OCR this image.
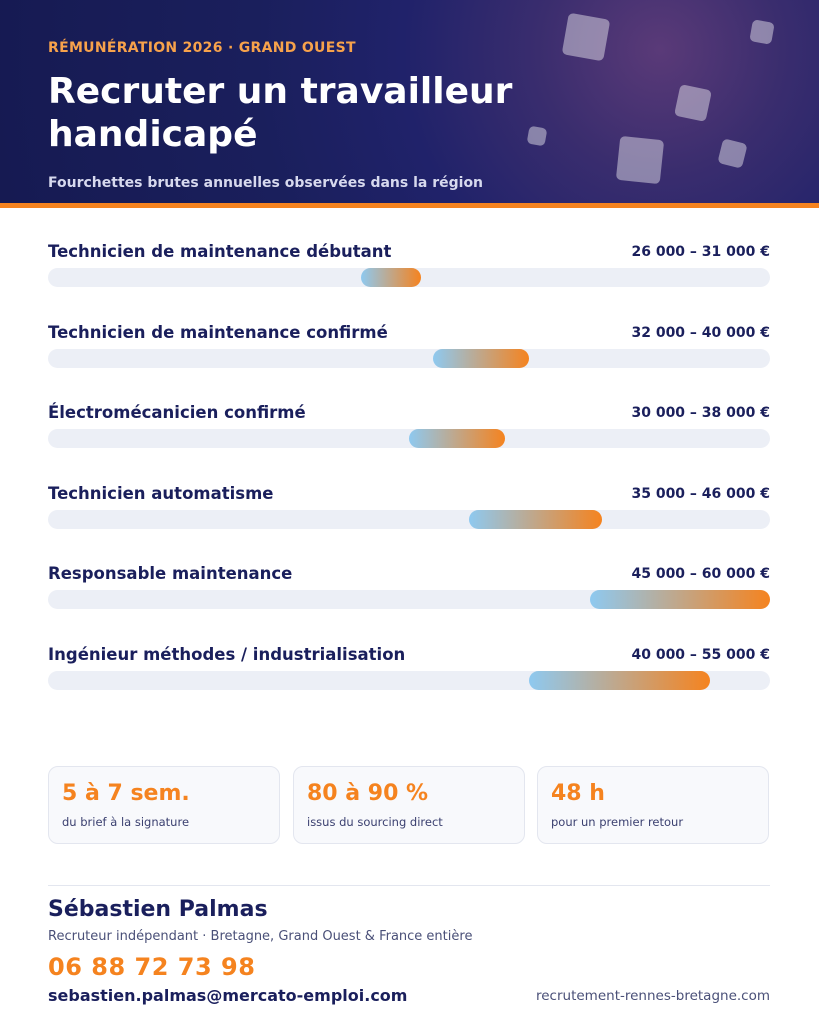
RÉMUNÉRATION 2026 · GRAND OUEST
Recruter un travailleur handicapé
Fourchettes brutes annuelles observées dans la région
Technicien de maintenance débutant	26 000 – 31 000 €
Technicien de maintenance confirmé	32 000 – 40 000 €
Électromécanicien confirmé	30 000 – 38 000 €
Technicien automatisme	35 000 – 46 000 €
Responsable maintenance	45 000 – 60 000 €
Ingénieur méthodes / industrialisation	40 000 – 55 000 €
5 à 7 sem.
du brief à la signature
80 à 90 %
issus du sourcing direct
48 h
pour un premier retour
Sébastien Palmas
Recruteur indépendant · Bretagne, Grand Ouest & France entière
06 88 72 73 98
sebastien.palmas@mercato-emploi.com	recrutement-rennes-bretagne.com
